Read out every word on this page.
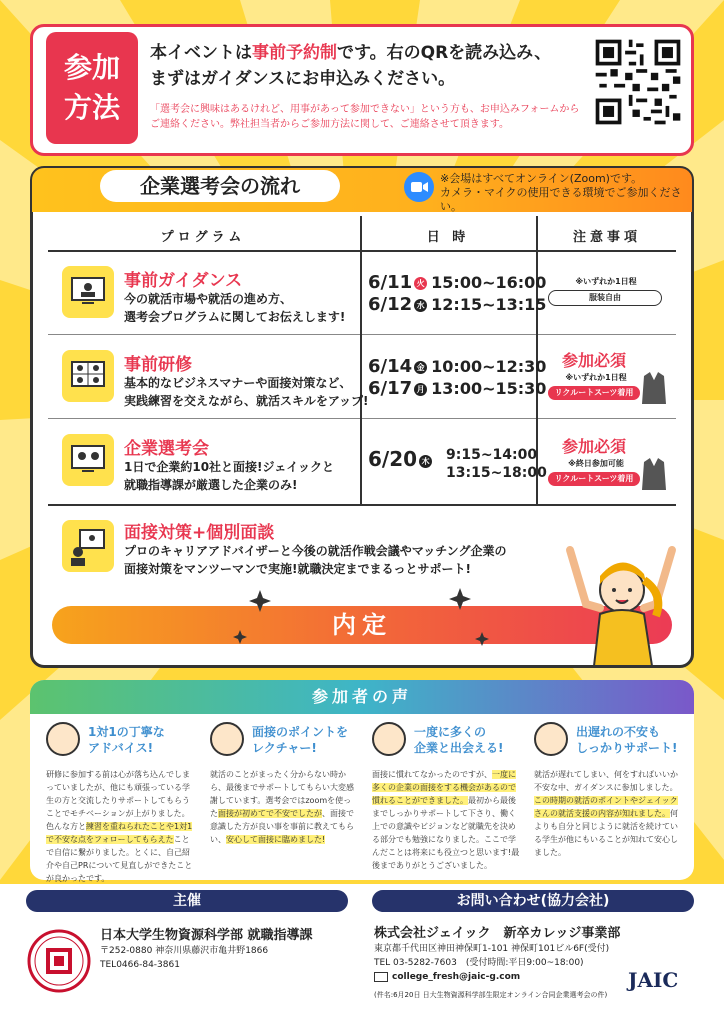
参加
方法
本イベントは事前予約制です。右のQRを読み込み、
まずはガイダンスにお申込みください。
「選考会に興味はあるけれど、用事があって参加できない」という方も、お申込みフォームから
ご連絡ください。弊社担当者からご参加方法に関して、ご連絡させて頂きます。
企業選考会の流れ	※会場はすべてオンライン(Zoom)です。
カメラ・マイクの使用できる環境でご参加ください。
プログラム	日 時	注意事項
事前ガイダンス
今の就活市場や就活の進め方、
選考会プログラムに関してお伝えします!
6/11 火 15:00~16:00
6/12 水 12:15~13:15
※いずれか1日程
服装自由
事前研修
基本的なビジネスマナーや面接対策など、
実践練習を交えながら、就活スキルをアップ!
6/14 金 10:00~12:30
6/17 月 13:00~15:30
参加必須
※いずれか1日程
リクルートスーツ着用
企業選考会
1日で企業約10社と面接!ジェイックと
就職指導課が厳選した企業のみ!
6/20 木	9:15~14:00
13:15~18:00
参加必須
※終日参加可能
リクルートスーツ着用
面接対策+個別面談
プロのキャリアアドバイザーと今後の就活作戦会議やマッチング企業の
面接対策をマンツーマンで実施!就職決定までまるっとサポート!
内定
参加者の声
1対1の丁寧な
アドバイス!
研修に参加する前は心が落ち込んでしまっていましたが、他にも頑張っている学生の方と交流したりサポートしてもらうことでモチベーションが上がりました。色んな方と練習を重ねられたことや1対1で不安な点をフォローしてもらえたことで自信に繋がりました。とくに、自己紹介や自己PRについて見直しができたことが良かったです。
面接のポイントを
レクチャー!
就活のことがまったく分からない時から、最後までサポートしてもらい大変感謝しています。選考会ではzoomを使った面接が初めてで不安でしたが、面接で意識した方が良い事を事前に教えてもらい、安心して面接に臨めました!
一度に多くの
企業と出会える!
面接に慣れてなかったのですが、一度に多くの企業の面接をする機会があるので慣れることができました。最初から最後までしっかりサポートして下さり、働く上での意識やビジョンなど就職先を決める部分でも勉強になりました。ここで学んだことは将来にも役立つと思います!最後までありがとうございました。
出遅れの不安も
しっかりサポート!
就活が遅れてしまい、何をすればいいか不安な中、ガイダンスに参加しました。この時期の就活のポイントやジェイックさんの就活支援の内容が知れました。何よりも自分と同じように就活を続けている学生が他にもいることが知れて安心しました。
主催	お問い合わせ(協力会社)
日本大学生物資源科学部 就職指導課
〒252-0880 神奈川県藤沢市亀井野1866
TEL0466-84-3861
株式会社ジェイック　新卒カレッジ事業部
東京都千代田区神田神保町1-101 神保町101ビル6F(受付)
TEL 03-5282-7603　(受付時間:平日9:00~18:00)
college_fresh@jaic-g.com
(件名:6月20日 日大生物資源科学部生限定オンライン合同企業選考会の件)
JAIC
